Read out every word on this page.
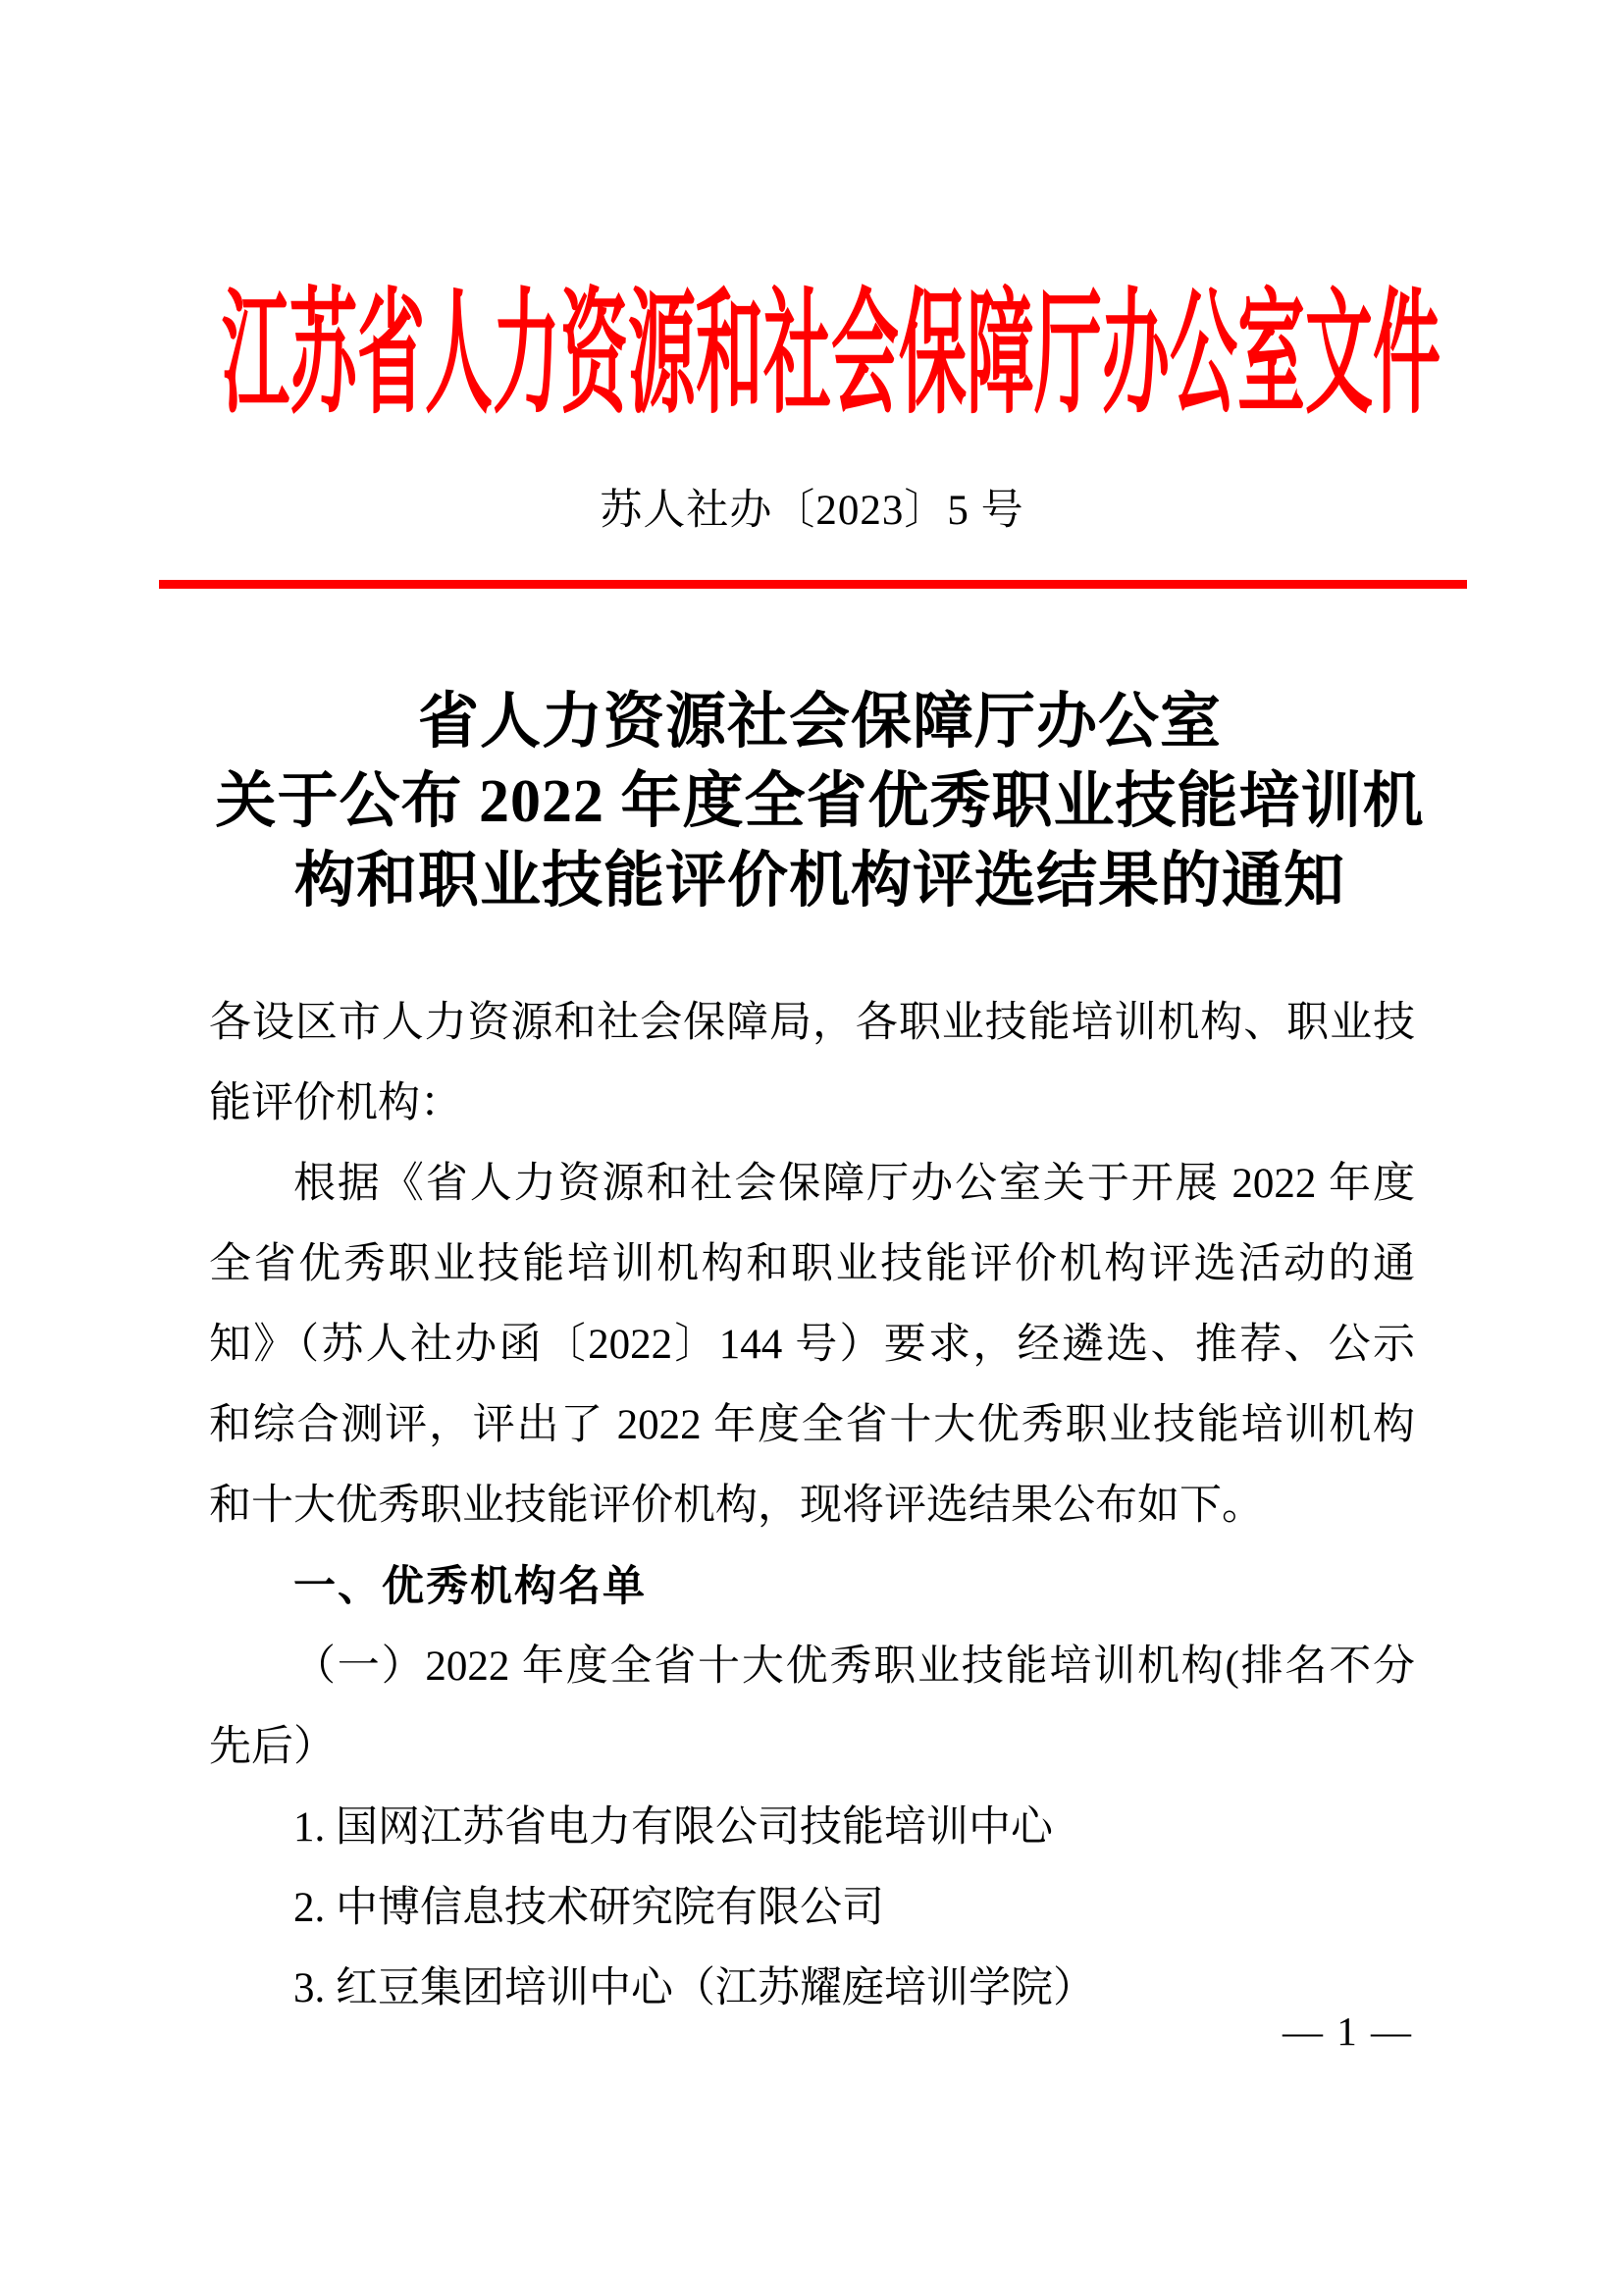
江苏省人力资源和社会保障厅办公室文件
苏人社办〔2023〕5 号
省人力资源社会保障厅办公室
关于公布 2022 年度全省优秀职业技能培训机
构和职业技能评价机构评选结果的通知
各设区市人力资源和社会保障局，各职业技能培训机构、职业技
能评价机构：
根据《省人力资源和社会保障厅办公室关于开展 2022 年度
全省优秀职业技能培训机构和职业技能评价机构评选活动的通
知》（苏人社办函〔2022〕144 号）要求，经遴选、推荐、公示
和综合测评，评出了 2022 年度全省十大优秀职业技能培训机构
和十大优秀职业技能评价机构，现将评选结果公布如下。
一、优秀机构名单
（一）2022 年度全省十大优秀职业技能培训机构(排名不分
先后）
1. 国网江苏省电力有限公司技能培训中心
2. 中博信息技术研究院有限公司
3. 红豆集团培训中心（江苏耀庭培训学院）
— 1 —
